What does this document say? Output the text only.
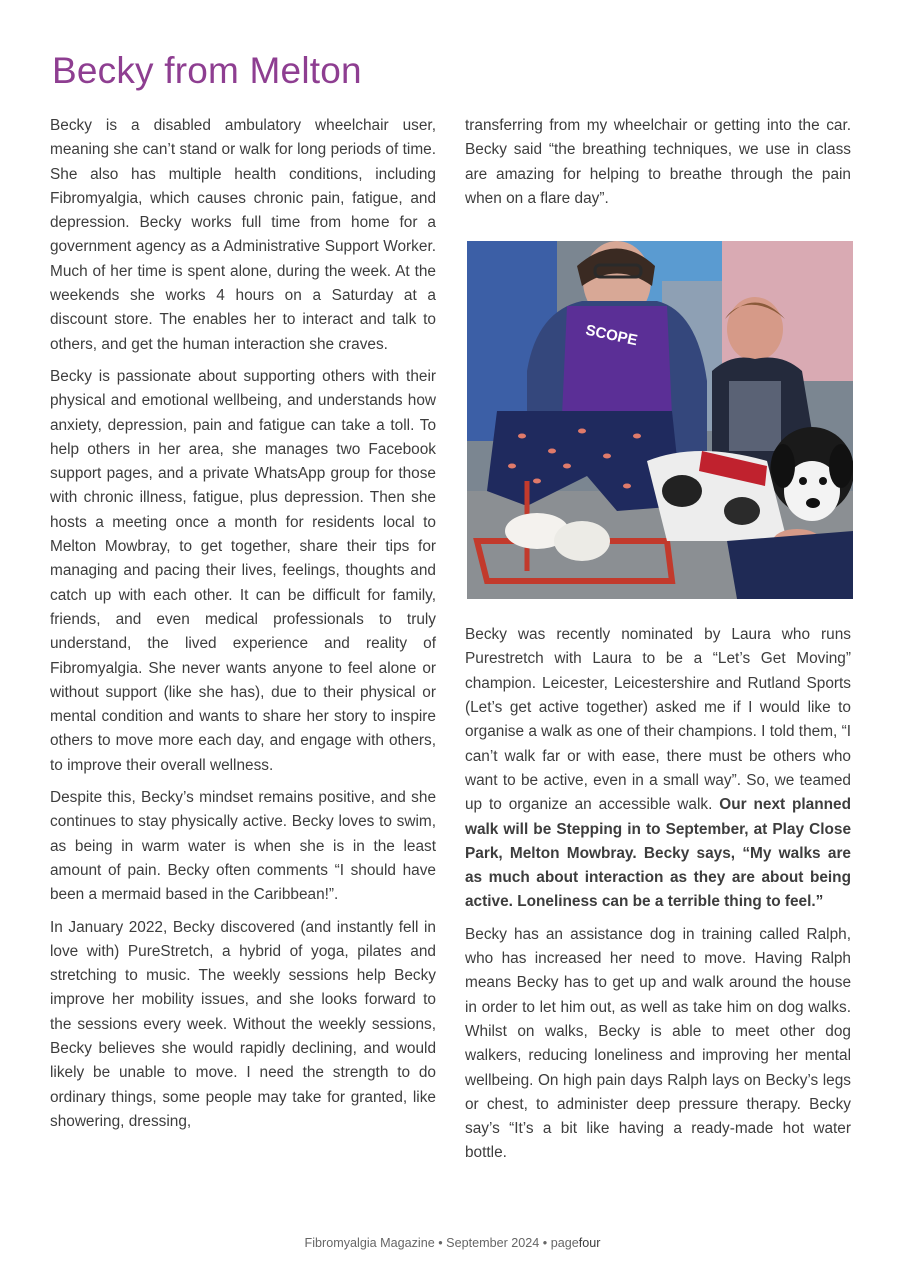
Becky from Melton

Becky is a disabled ambulatory wheelchair user, meaning she can’t stand or walk for long periods of time. She also has multiple health conditions, including Fibromyalgia, which causes chronic pain, fatigue, and depression. Becky works full time from home for a government agency as a Administrative Support Worker. Much of her time is spent alone, during the week. At the weekends she works 4 hours on a Saturday at a discount store. The enables her to interact and talk to others, and get the human interaction she craves.

Becky is passionate about supporting others with their physical and emotional wellbeing, and understands how anxiety, depression, pain and fatigue can take a toll. To help others in her area, she manages two Facebook support pages, and a private WhatsApp group for those with chronic illness, fatigue, plus depression. Then she hosts a meeting once a month for residents local to Melton Mowbray, to get together, share their tips for managing and pacing their lives, feelings, thoughts and catch up with each other. It can be difficult for family, friends, and even medical professionals to truly understand, the lived experience and reality of Fibromyalgia. She never wants anyone to feel alone or without support (like she has), due to their physical or mental condition and wants to share her story to inspire others to move more each day, and engage with others, to improve their overall wellness.

Despite this, Becky’s mindset remains positive, and she continues to stay physically active. Becky loves to swim, as being in warm water is when she is in the least amount of pain. Becky often comments “I should have been a mermaid based in the Caribbean!”.

In January 2022, Becky discovered (and instantly fell in love with) PureStretch, a hybrid of yoga, pilates and stretching to music. The weekly sessions help Becky improve her mobility issues, and she looks forward to the sessions every week. Without the weekly sessions, Becky believes she would rapidly declining, and would likely be unable to move. I need the strength to do ordinary things, some people may take for granted, like showering, dressing,

transferring from my wheelchair or getting into the car. Becky said “the breathing techniques, we use in class are amazing for helping to breathe through the pain when on a flare day”.

SCOPE

Becky was recently nominated by Laura who runs Purestretch with Laura to be a “Let’s Get Moving” champion. Leicester, Leicestershire and Rutland Sports (Let’s get active together) asked me if I would like to organise a walk as one of their champions. I told them, “I can’t walk far or with ease, there must be others who want to be active, even in a small way”. So, we teamed up to organize an accessible walk. Our next planned walk will be Stepping in to September, at Play Close Park, Melton Mowbray. Becky says, “My walks are as much about interaction as they are about being active. Loneliness can be a terrible thing to feel.”

Becky has an assistance dog in training called Ralph, who has increased her need to move. Having Ralph means Becky has to get up and walk around the house in order to let him out, as well as take him on dog walks. Whilst on walks, Becky is able to meet other dog walkers, reducing loneliness and improving her mental wellbeing. On high pain days Ralph lays on Becky’s legs or chest, to administer deep pressure therapy. Becky say’s “It’s a bit like having a ready-made hot water bottle.

Fibromyalgia Magazine • September 2024 • pagefour
